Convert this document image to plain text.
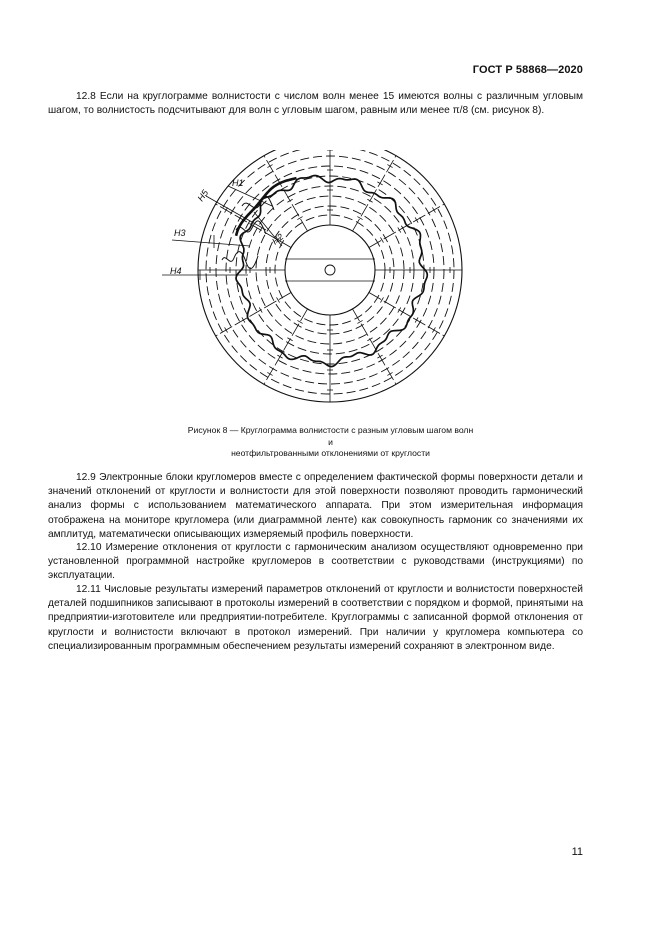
ГОСТ Р 58868—2020

12.8 Если на круглограмме волнистости с числом волн менее 15 имеются волны с различным угловым шагом, то волнистость подсчитывают для волн с угловым шагом, равным или менее π/8 (см. рисунок 8).

H1
H2
H3
H4
H5
Рисунок 8 — Круглограмма волнистости с разным угловым шагом волн
и
неотфильтрованными отклонениями от круглости

12.9 Электронные блоки кругломеров вместе с определением фактической формы поверхности детали и значений отклонений от круглости и волнистости для этой поверхности позволяют проводить гармонический анализ формы с использованием математического аппарата. При этом измерительная информация отображена на мониторе кругломера (или диаграммной ленте) как совокупность гармоник со значениями их амплитуд, математически описывающих измеряемый профиль поверхности.

12.10 Измерение отклонения от круглости с гармоническим анализом осуществляют одновременно при установленной программной настройке кругломеров в соответствии с руководствами (инструкциями) по эксплуатации.

12.11 Числовые результаты измерений параметров отклонений от круглости и волнистости поверхностей деталей подшипников записывают в протоколы измерений в соответствии с порядком и формой, принятыми на предприятии-изготовителе или предприятии-потребителе. Круглограммы с записанной формой отклонения от круглости и волнистости включают в протокол измерений. При наличии у кругломера компьютера со специализированным программным обеспечением результаты измерений сохраняют в электронном виде.

11
